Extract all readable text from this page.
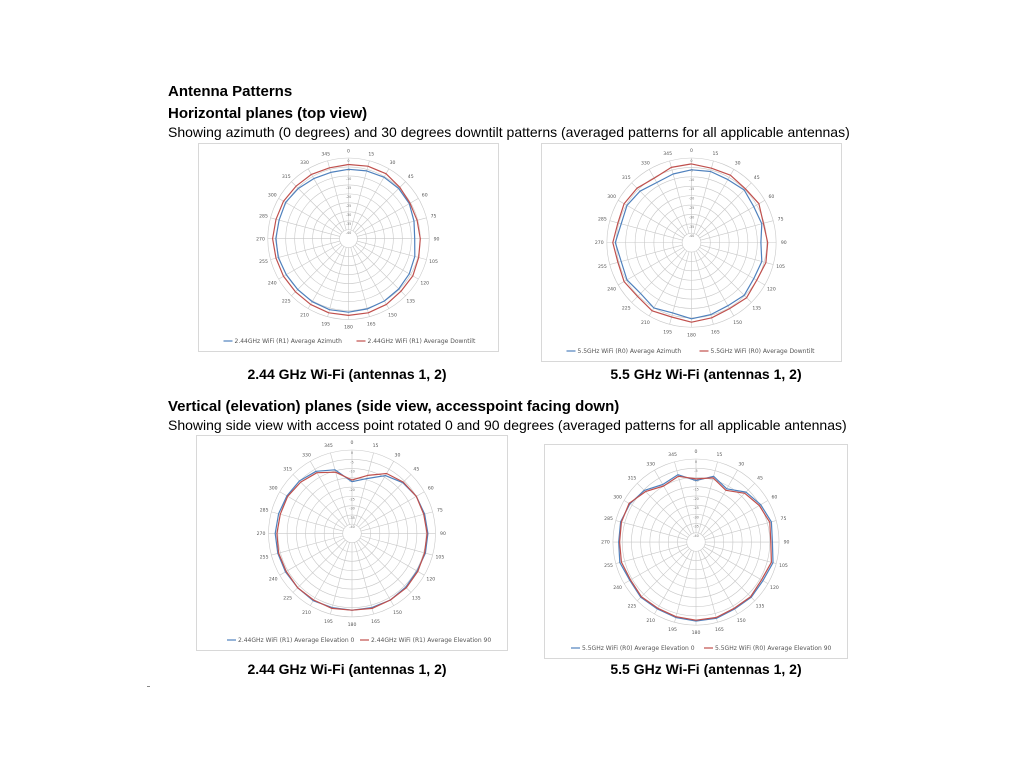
Antenna Patterns
Horizontal planes (top view)
Showing azimuth (0 degrees) and 30 degrees downtilt patterns (averaged patterns for all applicable antennas)
0
15
30
45
60
75
90
105
120
135
150
165
180
195
210
225
240
255
270
285
300
315
330
345
0
-5
-10
-15
-20
-25
-30
-35
-40
2.44GHz WiFi (R1) Average Azimuth	2.44GHz WiFi (R1) Average Downtilt
0
15
30
45
60
75
90
105
120
135
150
165
180
195
210
225
240
255
270
285
300
315
330
345
0
-5
-10
-15
-20
-25
-30
-35
-40
5.5GHz WiFi (R0) Average Azimuth	5.5GHz WiFi (R0) Average Downtilt
2.44 GHz Wi-Fi (antennas 1, 2)	5.5 GHz Wi-Fi (antennas 1, 2)
Vertical (elevation) planes (side view, accesspoint facing down)
Showing side view with access point rotated 0 and 90 degrees (averaged patterns for all applicable antennas)
0
15
30
45
60
75
90
105
120
135
150
165
180
195
210
225
240
255
270
285
300
315
330
345
0
-5
-10
-15
-20
-25
-30
-35
-40
2.44GHz WiFi (R1) Average Elevation 0	2.44GHz WiFi (R1) Average Elevation 90
0
15
30
45
60
75
90
105
120
135
150
165
180
195
210
225
240
255
270
285
300
315
330
345
0
-5
-10
-15
-20
-25
-30
-35
-40
5.5GHz WiFi (R0) Average Elevation 0	5.5GHz WiFi (R0) Average Elevation 90
2.44 GHz Wi-Fi (antennas 1, 2)	5.5 GHz Wi-Fi (antennas 1, 2)
